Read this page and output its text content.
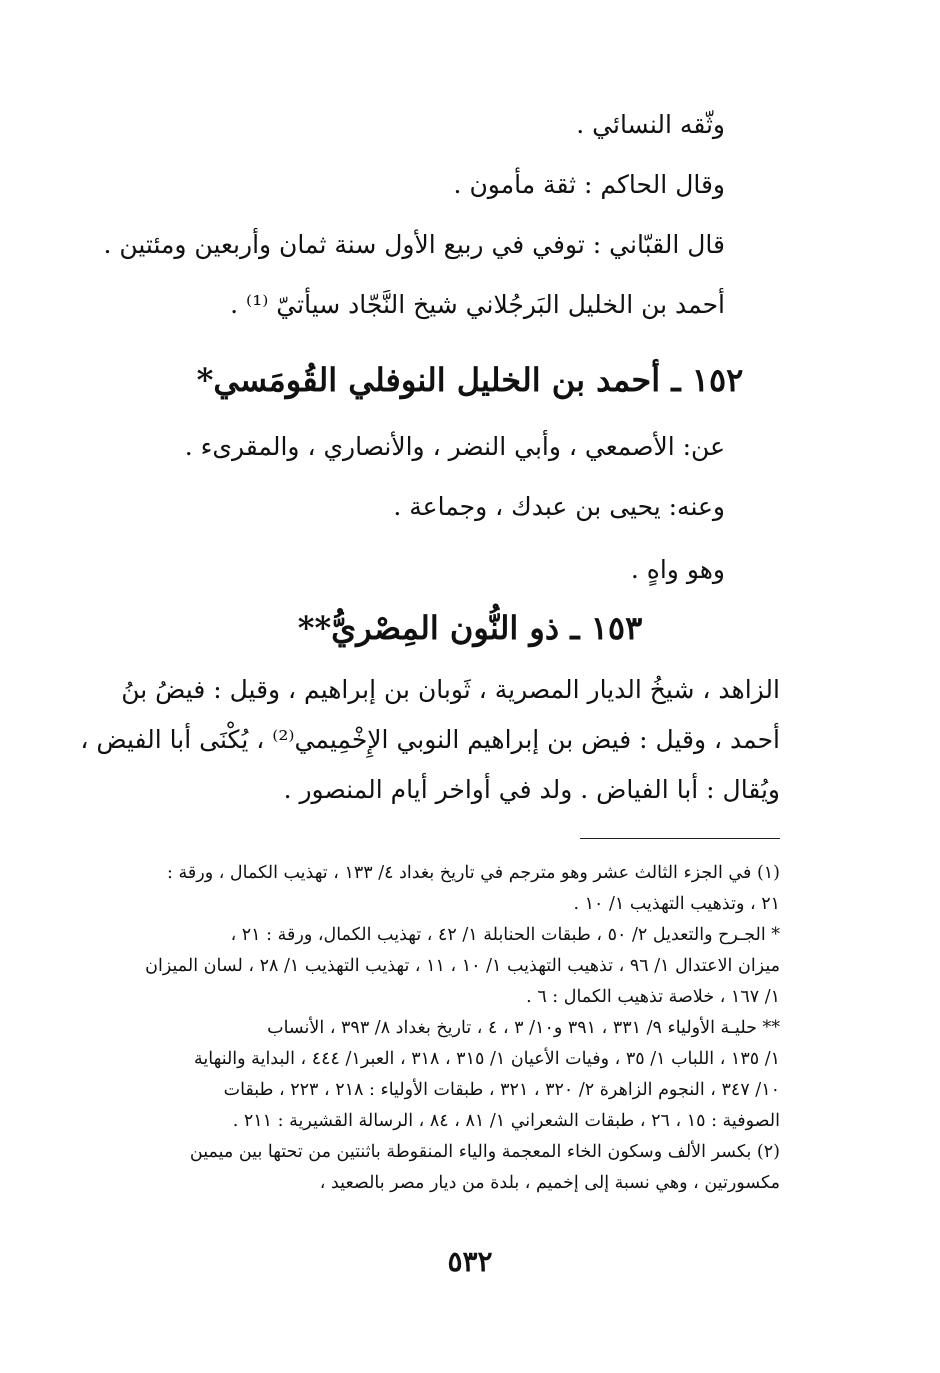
وثّقه النسائي .
وقال الحاكم : ثقة مأمون .
قال القبّاني : توفي في ربيع الأول سنة ثمان وأربعين ومئتين .
أحمد بن الخليل البَرجُلاني شيخ النَّجّاد سيأتيّ ⁽¹⁾ .
١٥٢ ـ أحمد بن الخليل النوفلي القُومَسي*
عن: الأصمعي ، وأبي النضر ، والأنصاري ، والمقرىء .
وعنه: يحيى بن عبدك ، وجماعة .
وهو واهٍ .
١٥٣ ـ ذو النُّون المِصْريُّ**
الزاهد ، شيخُ الديار المصرية ، ثَوبان بن إبراهيم ، وقيل : فيضُ بنُ
أحمد ، وقيل : فيض بن إبراهيم النوبي الإِخْمِيمي⁽²⁾ ، يُكْنَى أبا الفيض ،
ويُقال : أبا الفياض . ولد في أواخر أيام المنصور .
(١) في الجزء الثالث عشر وهو مترجم في تاريخ بغداد ٤/ ١٣٣ ، تهذيب الكمال ، ورقة :
٢١ ، وتذهيب التهذيب ١/ ١٠ .
* الجـرح والتعديل ٢/ ٥٠ ، طبقات الحنابلة ١/ ٤٢ ، تهذيب الكمال، ورقة : ٢١ ،
ميزان الاعتدال ١/ ٩٦ ، تذهيب التهذيب ١/ ١٠ ، ١١ ، تهذيب التهذيب ١/ ٢٨ ، لسان الميزان
١/ ١٦٧ ، خلاصة تذهيب الكمال : ٦ .
** حليـة الأولياء ٩/ ٣٣١ ، ٣٩١ و١٠/ ٣ ، ٤ ، تاريخ بغداد ٨/ ٣٩٣ ، الأنساب
١/ ١٣٥ ، اللباب ١/ ٣٥ ، وفيات الأعيان ١/ ٣١٥ ، ٣١٨ ، العبر١/ ٤٤٤ ، البداية والنهاية
١٠/ ٣٤٧ ، النجوم الزاهرة ٢/ ٣٢٠ ، ٣٢١ ، طبقات الأولياء : ٢١٨ ، ٢٢٣ ، طبقات
الصوفية : ١٥ ، ٢٦ ، طبقات الشعراني ١/ ٨١ ، ٨٤ ، الرسالة القشيرية : ٢١١ .
(٢) بكسر الألف وسكون الخاء المعجمة والياء المنقوطة باثنتين من تحتها بين ميمين
مكسورتين ، وهي نسبة إلى إخميم ، بلدة من ديار مصر بالصعيد ،
٥٣٢
